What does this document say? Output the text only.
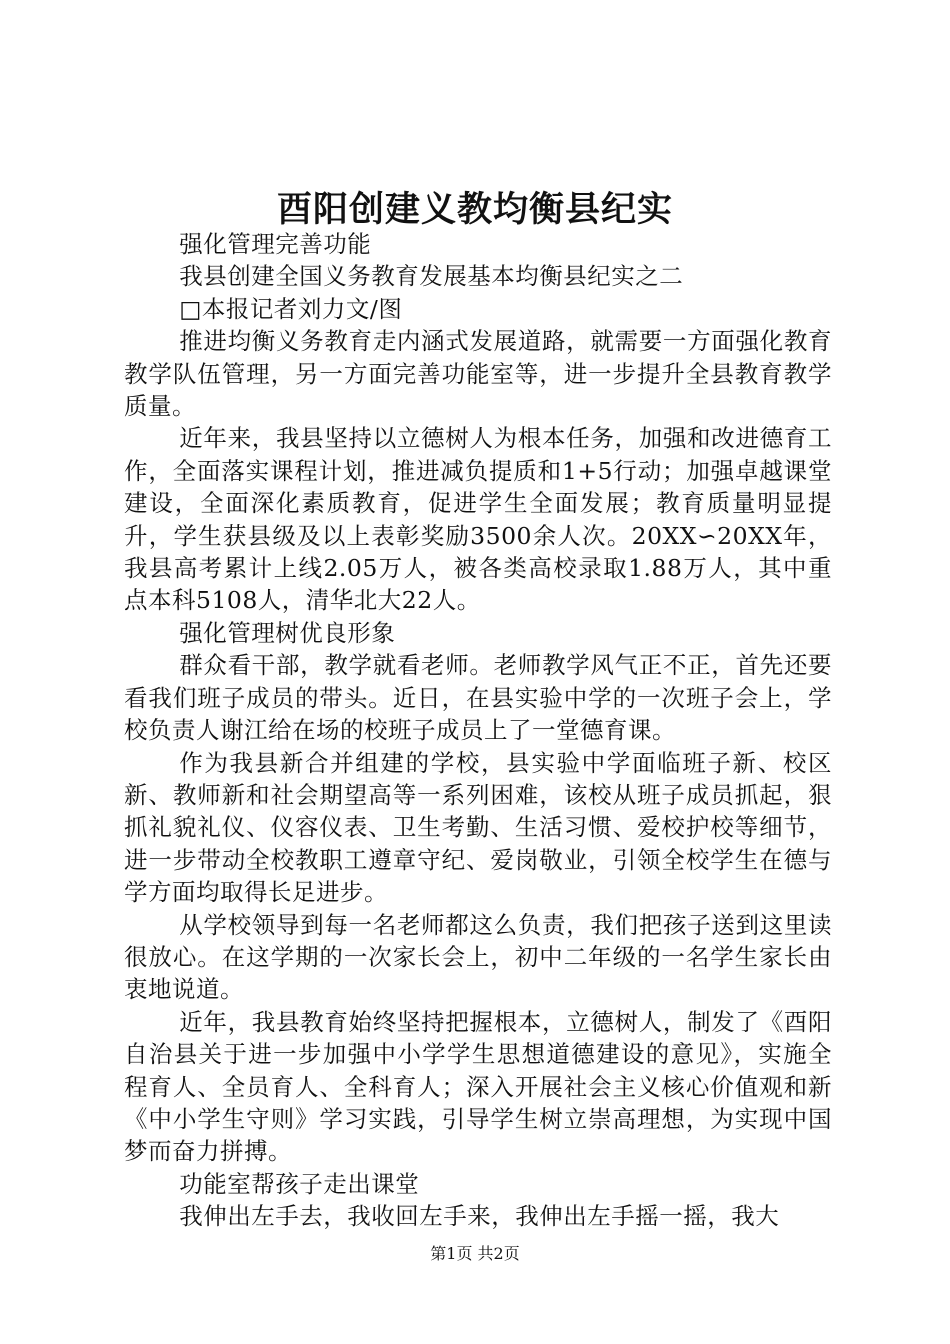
酉阳创建义教均衡县纪实

强化管理完善功能

我县创建全国义务教育发展基本均衡县纪实之二

□本报记者刘力文/图

推进均衡义务教育走内涵式发展道路，就需要一方面强化教育教学队伍管理，另一方面完善功能室等，进一步提升全县教育教学质量。

近年来，我县坚持以立德树人为根本任务，加强和改进德育工作，全面落实课程计划，推进减负提质和1+5行动；加强卓越课堂建设，全面深化素质教育，促进学生全面发展；教育质量明显提升，学生获县级及以上表彰奖励3500余人次。20XX∽20XX年，我县高考累计上线2.05万人，被各类高校录取1.88万人，其中重点本科5108人，清华北大22人。

强化管理树优良形象

群众看干部，教学就看老师。老师教学风气正不正，首先还要看我们班子成员的带头。近日，在县实验中学的一次班子会上，学校负责人谢江给在场的校班子成员上了一堂德育课。

作为我县新合并组建的学校，县实验中学面临班子新、校区新、教师新和社会期望高等一系列困难，该校从班子成员抓起，狠抓礼貌礼仪、仪容仪表、卫生考勤、生活习惯、爱校护校等细节，进一步带动全校教职工遵章守纪、爱岗敬业，引领全校学生在德与学方面均取得长足进步。

从学校领导到每一名老师都这么负责，我们把孩子送到这里读很放心。在这学期的一次家长会上，初中二年级的一名学生家长由衷地说道。

近年，我县教育始终坚持把握根本，立德树人，制发了《酉阳自治县关于进一步加强中小学学生思想道德建设的意见》，实施全程育人、全员育人、全科育人；深入开展社会主义核心价值观和新《中小学生守则》学习实践，引导学生树立崇高理想，为实现中国梦而奋力拼搏。

功能室帮孩子走出课堂

我伸出左手去，我收回左手来，我伸出左手摇一摇，我大

第1页 共2页
